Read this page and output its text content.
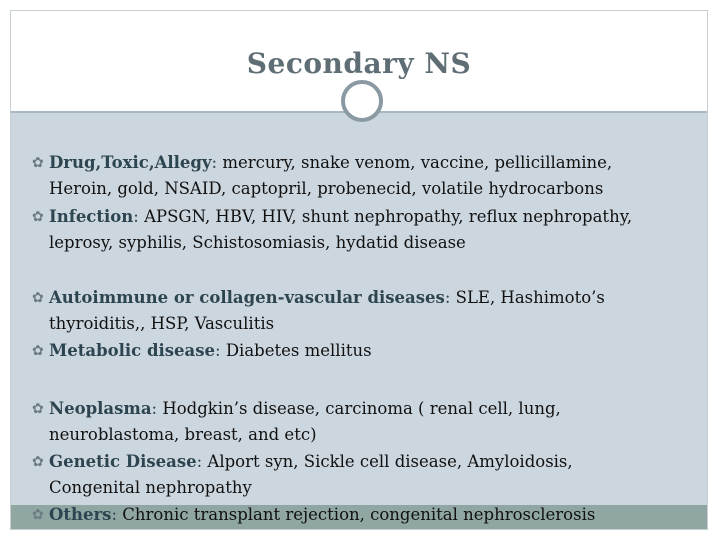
Secondary NS
✿ Drug,Toxic,Allegy: mercury, snake venom, vaccine, pellicillamine,
Heroin, gold, NSAID, captopril, probenecid, volatile hydrocarbons
✿ Infection: APSGN, HBV, HIV, shunt nephropathy, reflux nephropathy,
leprosy, syphilis, Schistosomiasis, hydatid disease
✿ Autoimmune or collagen-vascular diseases: SLE, Hashimoto’s
thyroiditis,, HSP, Vasculitis
✿ Metabolic disease: Diabetes mellitus
✿ Neoplasma: Hodgkin’s disease, carcinoma ( renal cell, lung,
neuroblastoma, breast, and etc)
✿ Genetic Disease: Alport syn, Sickle cell disease, Amyloidosis,
Congenital nephropathy
✿ Others: Chronic transplant rejection, congenital nephrosclerosis
